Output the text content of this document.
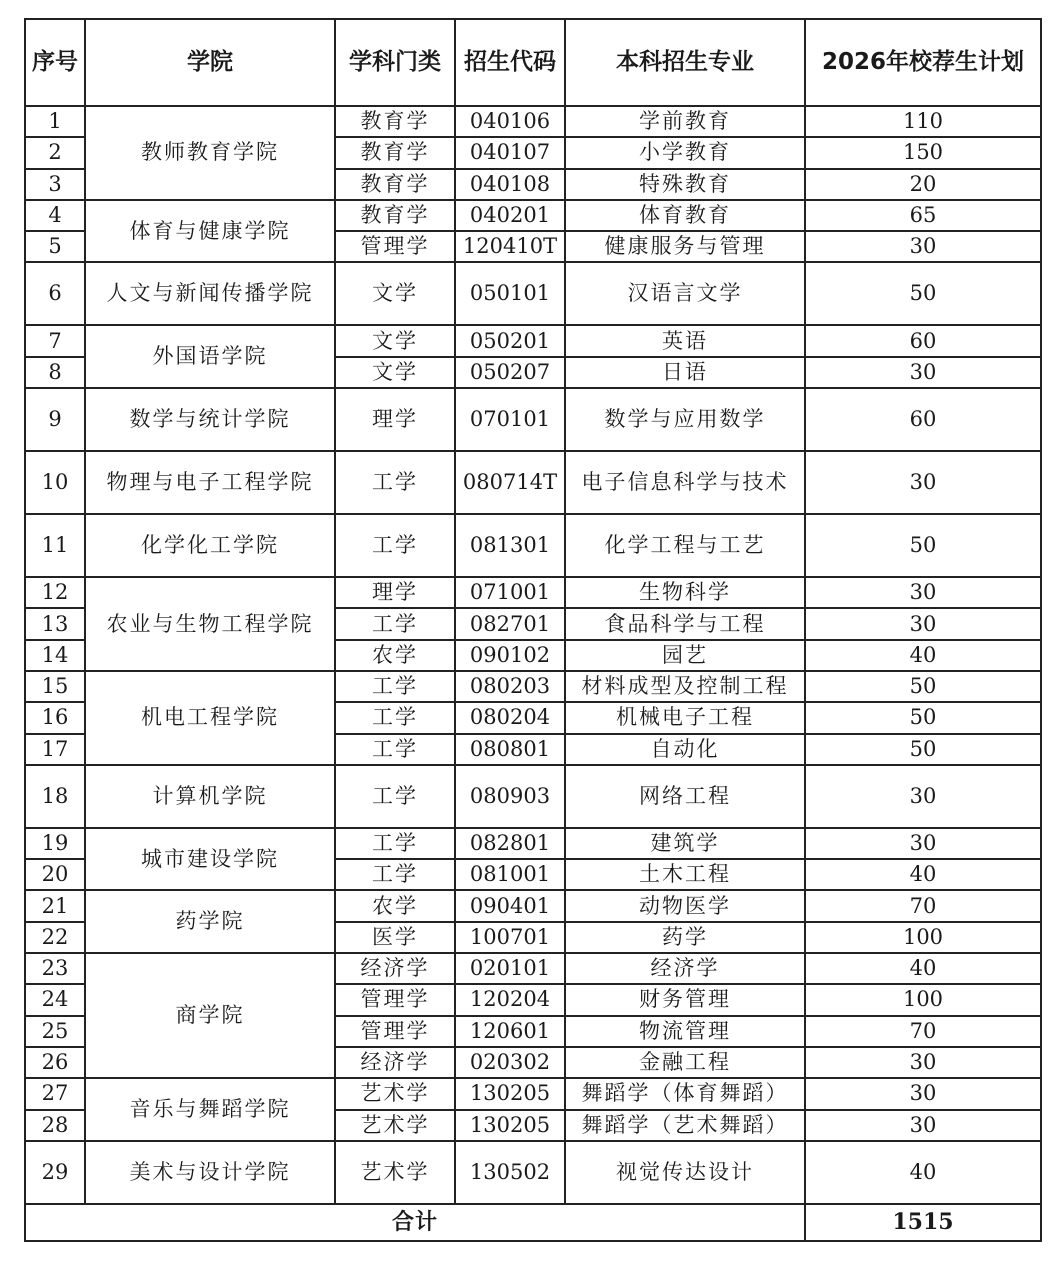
序号	学院	学科门类	招生代码	本科招生专业	2026年校荐生计划
1	教师教育学院	教育学	040106	学前教育	110
2		教育学	040107	小学教育	150
3		教育学	040108	特殊教育	20
4	体育与健康学院	教育学	040201	体育教育	65
5		管理学	120410T	健康服务与管理	30
6	人文与新闻传播学院	文学	050101	汉语言文学	50
7	外国语学院	文学	050201	英语	60
8		文学	050207	日语	30
9	数学与统计学院	理学	070101	数学与应用数学	60
10	物理与电子工程学院	工学	080714T	电子信息科学与技术	30
11	化学化工学院	工学	081301	化学工程与工艺	50
12	农业与生物工程学院	理学	071001	生物科学	30
13		工学	082701	食品科学与工程	30
14		农学	090102	园艺	40
15	机电工程学院	工学	080203	材料成型及控制工程	50
16		工学	080204	机械电子工程	50
17		工学	080801	自动化	50
18	计算机学院	工学	080903	网络工程	30
19	城市建设学院	工学	082801	建筑学	30
20		工学	081001	土木工程	40
21	药学院	农学	090401	动物医学	70
22		医学	100701	药学	100
23	商学院	经济学	020101	经济学	40
24		管理学	120204	财务管理	100
25		管理学	120601	物流管理	70
26		经济学	020302	金融工程	30
27	音乐与舞蹈学院	艺术学	130205	舞蹈学（体育舞蹈）	30
28		艺术学	130205	舞蹈学（艺术舞蹈）	30
29	美术与设计学院	艺术学	130502	视觉传达设计	40
合计					1515
